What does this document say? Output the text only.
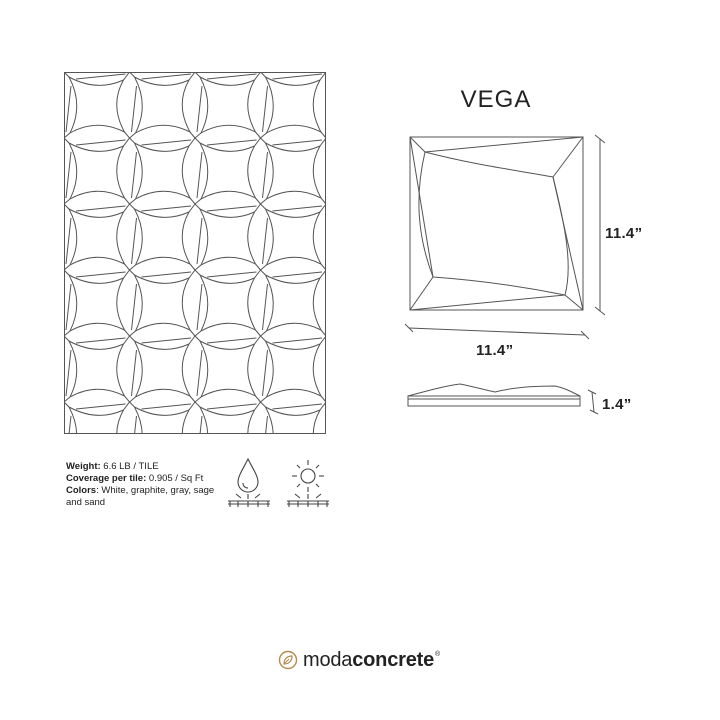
VEGA
11.4”
11.4”
1.4”
Weight: 6.6 LB / TILE
Coverage per tile: 0.905 / Sq Ft
Colors: White, graphite, gray, sage and sand
modaconcrete®
